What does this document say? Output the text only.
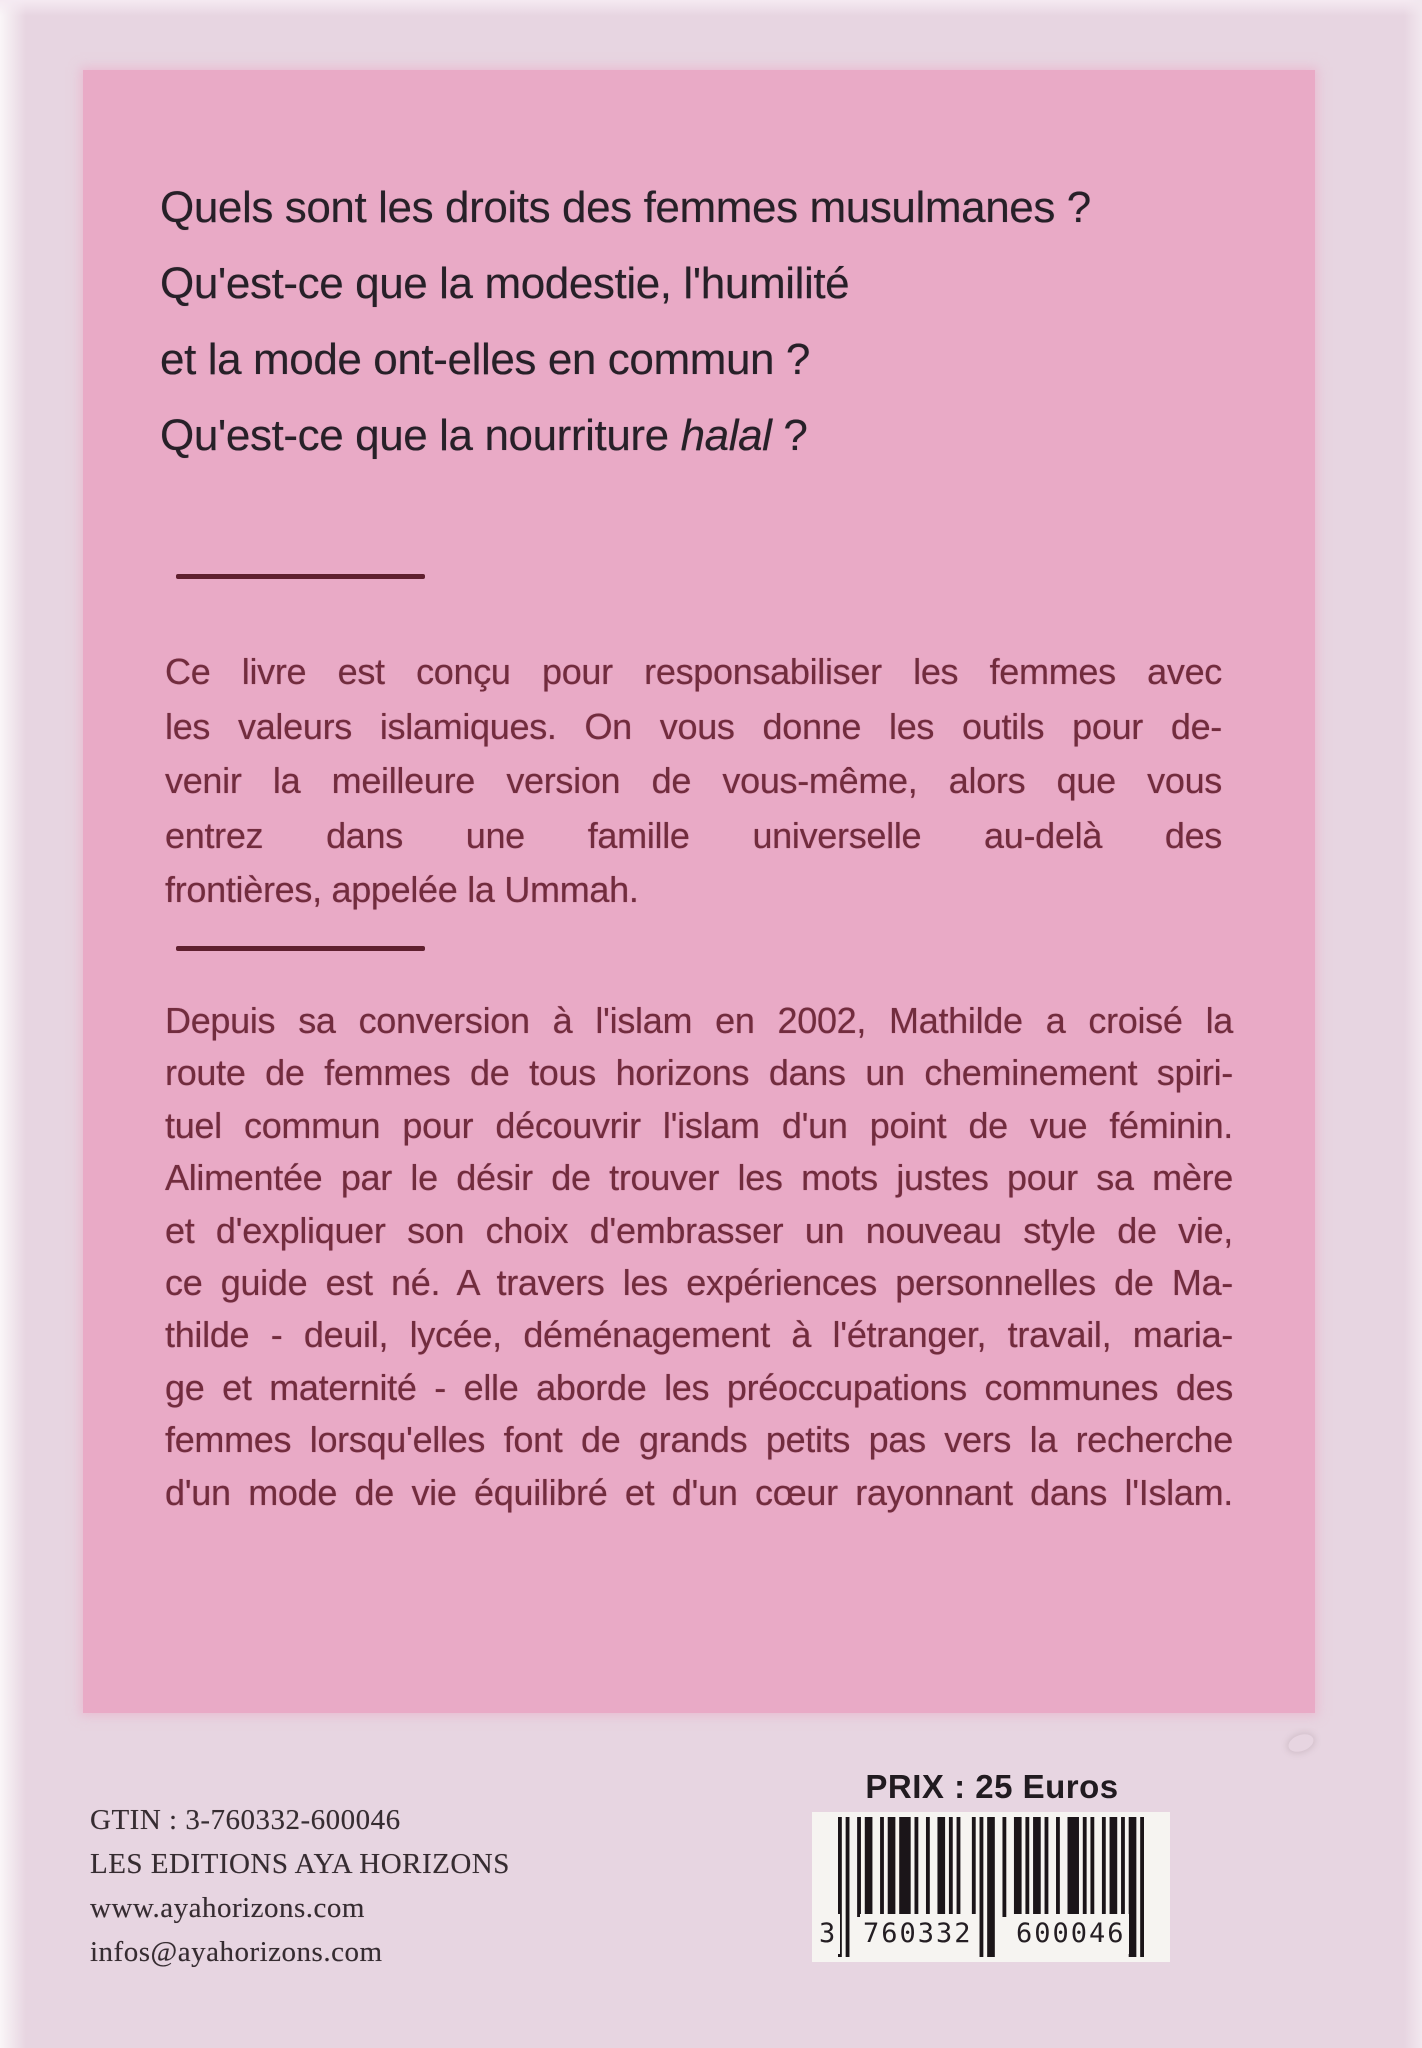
Quels sont les droits des femmes musulmanes ?
Qu'est-ce que la modestie, l'humilité
et la mode ont-elles en commun ?
Qu'est-ce que la nourriture halal ?
Ce livre est conçu pour responsabiliser les femmes avec
les valeurs islamiques. On vous donne les outils pour de-
venir la meilleure version de vous-même, alors que vous
entrez dans une famille universelle au-delà des
frontières, appelée la Ummah.
Depuis sa conversion à l'islam en 2002, Mathilde a croisé la
route de femmes de tous horizons dans un cheminement spiri-
tuel commun pour découvrir l'islam d'un point de vue féminin.
Alimentée par le désir de trouver les mots justes pour sa mère
et d'expliquer son choix d'embrasser un nouveau style de vie,
ce guide est né. A travers les expériences personnelles de Ma-
thilde - deuil, lycée, déménagement à l'étranger, travail, maria-
ge et maternité - elle aborde les préoccupations communes des
femmes lorsqu'elles font de grands petits pas vers la recherche
d'un mode de vie équilibré et d'un cœur rayonnant dans l'Islam.
GTIN : 3-760332-600046
LES EDITIONS AYA HORIZONS
www.ayahorizons.com
infos@ayahorizons.com
PRIX : 25 Euros
3 760332 600046
